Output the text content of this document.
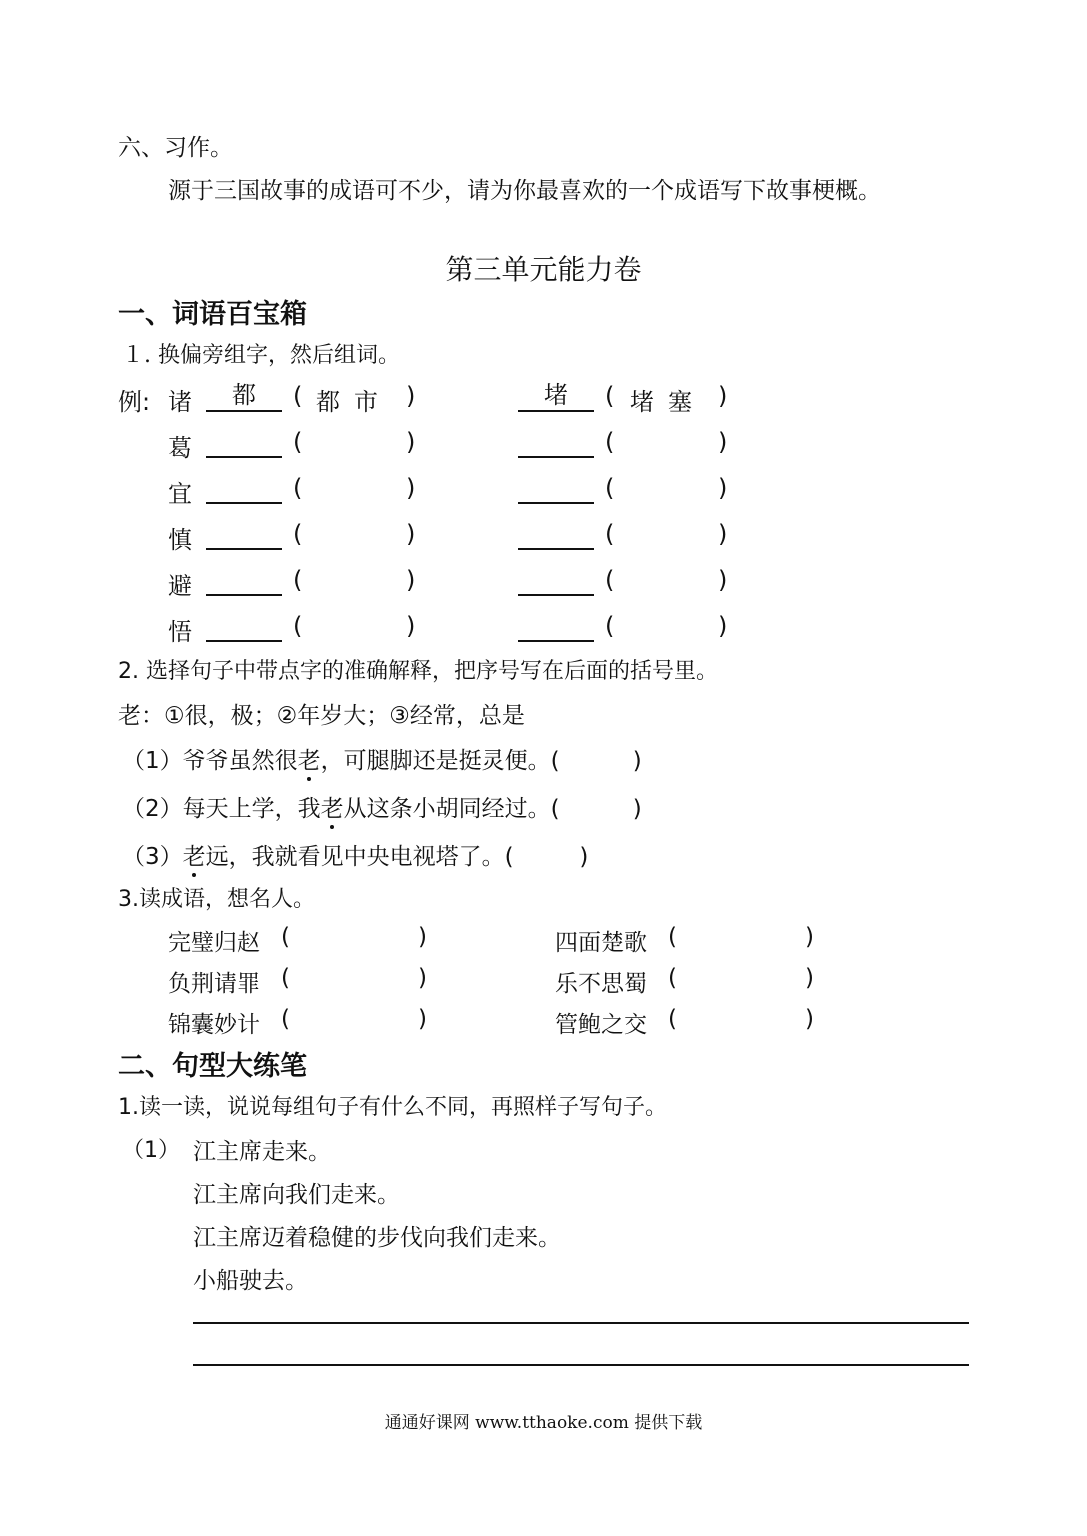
六、习作。
源于三国故事的成语可不少，请为你最喜欢的一个成语写下故事梗概。
第三单元能力卷
一、词语百宝箱
１. 换偏旁组字，然后组词。
例: 诸	都	( 都市 )	堵	( 堵塞 )
葛	(	)	(	)
宜	(	)	(	)
慎	(	)	(	)
避	(	)	(	)
悟	(	)	(	)
2. 选择句子中带点字的准确解释，把序号写在后面的括号里。
老：①很，极；②年岁大；③经常，总是
（1）爷爷虽然很老，可腿脚还是挺灵便。(          )
（2）每天上学，我老从这条小胡同经过。(          )
（3）老远，我就看见中央电视塔了。(         )
3.读成语，想名人。
完璧归赵 (	)	四面楚歌 (	)
负荆请罪 (	)	乐不思蜀 (	)
锦囊妙计 (	)	管鲍之交 (	)
二、句型大练笔
1.读一读，说说每组句子有什么不同，再照样子写句子。
（1） 江主席走来。
江主席向我们走来。
江主席迈着稳健的步伐向我们走来。
小船驶去。
通通好课网 www.tthaoke.com 提供下载
